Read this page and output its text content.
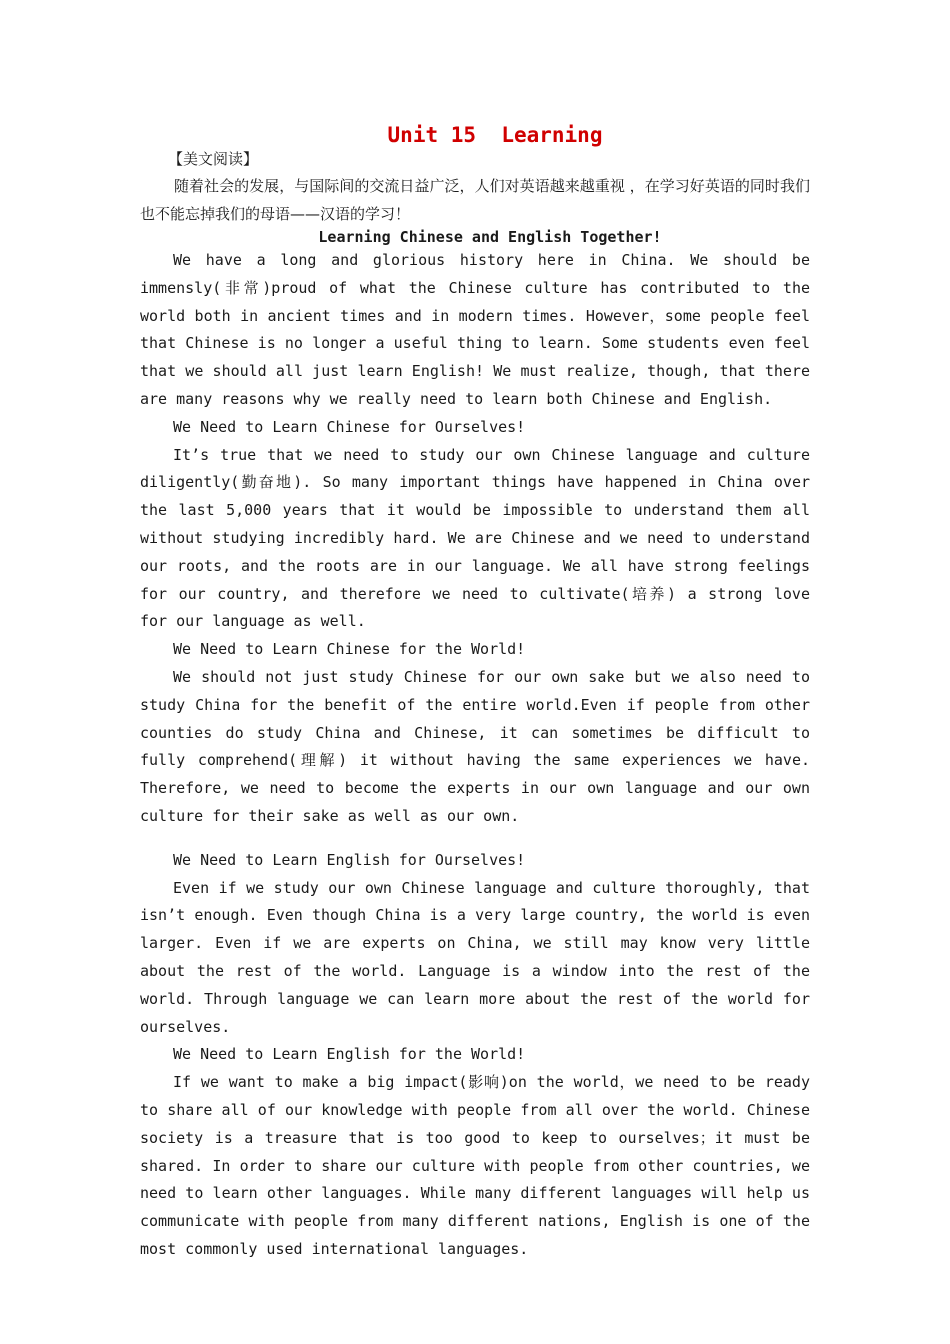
Unit 15  Learning
【美文阅读】

随着社会的发展，与国际间的交流日益广泛，人们对英语越来越重视 ，在学习好英语的同时我们也不能忘掉我们的母语——汉语的学习！

Learning Chinese and English Together!

We have a long and glorious history here in China. We should be immensly(非常)proud of what the Chinese culture has contributed to the world both in ancient times and in modern times. However，some people feel that Chinese is no longer a useful thing to learn. Some students even feel that we should all just learn English! We must realize, though, that there are many reasons why we really need to learn both Chinese and English.

We Need to Learn Chinese for Ourselves!

It’s true that we need to study our own Chinese language and culture diligently(勤奋地). So many important things have happened in China over the last 5,000 years that it would be impossible to understand them all without studying incredibly hard. We are Chinese and we need to understand our roots, and the roots are in our language. We all have strong feelings for our country, and therefore we need to cultivate(培养) a strong love for our language as well.

We Need to Learn Chinese for the World!

We should not just study Chinese for our own sake but we also need to study China for the benefit of the entire world.Even if people from other counties do study China and Chinese, it can sometimes be difficult to fully comprehend(理解) it without having the same experiences we have. Therefore, we need to become the experts in our own language and our own culture for their sake as well as our own.

We Need to Learn English for Ourselves!

Even if we study our own Chinese language and culture thoroughly, that isn’t enough. Even though China is a very large country, the world is even larger. Even if we are experts on China, we still may know very little about the rest of the world. Language is a window into the rest of the world. Through language we can learn more about the rest of the world for ourselves.

We Need to Learn English for the World!

If we want to make a big impact(影响)on the world，we need to be ready to share all of our knowledge with people from all over the world. Chinese society is a treasure that is too good to keep to ourselves；it must be shared. In order to share our culture with people from other countries, we need to learn other languages. While many different languages will help us communicate with people from many different nations, English is one of the most commonly used international languages.
